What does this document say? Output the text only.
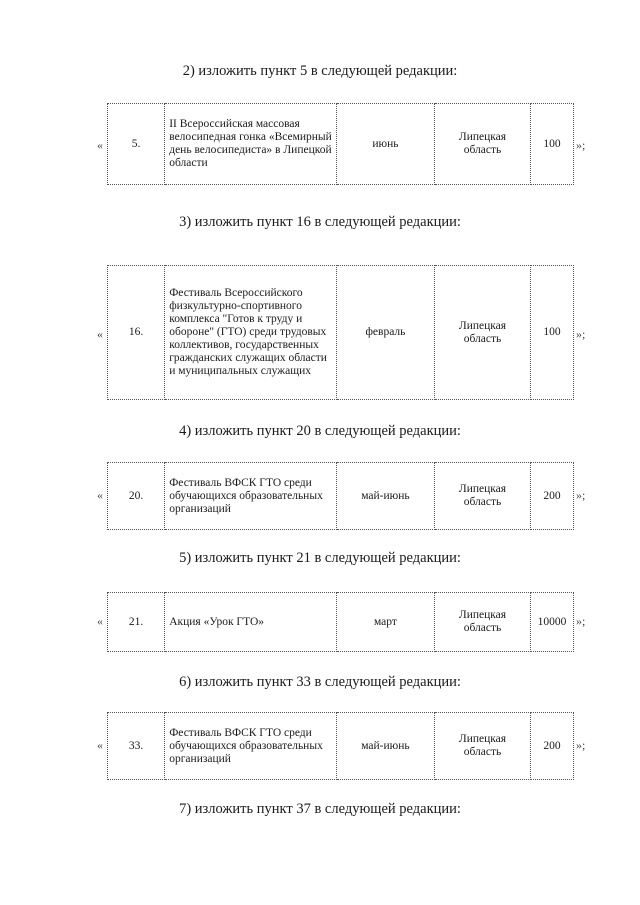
2) изложить пункт 5 в следующей редакции:

«	5.	II Всероссийская массовая велосипедная гонка «Всемирный день велосипедиста» в Липецкой области	июнь	Липецкая область	100 »;

3) изложить пункт 16 в следующей редакции:

« 16.	Фестиваль Всероссийского физкультурно-спортивного комплекса "Готов к труду и обороне" (ГТО) среди трудовых коллективов, государственных гражданских служащих области и муниципальных служащих	февраль	Липецкая область	100 »;

4) изложить пункт 20 в следующей редакции:

« 20.	Фестиваль ВФСК ГТО среди обучающихся образовательных организаций	май-июнь	Липецкая область	200 »;

5) изложить пункт 21 в следующей редакции:

« 21.	Акция «Урок ГТО»	март	Липецкая область	10000 »;

6) изложить пункт 33 в следующей редакции:

« 33.	Фестиваль ВФСК ГТО среди обучающихся образовательных организаций	май-июнь	Липецкая область	200 »;

7) изложить пункт 37 в следующей редакции:
